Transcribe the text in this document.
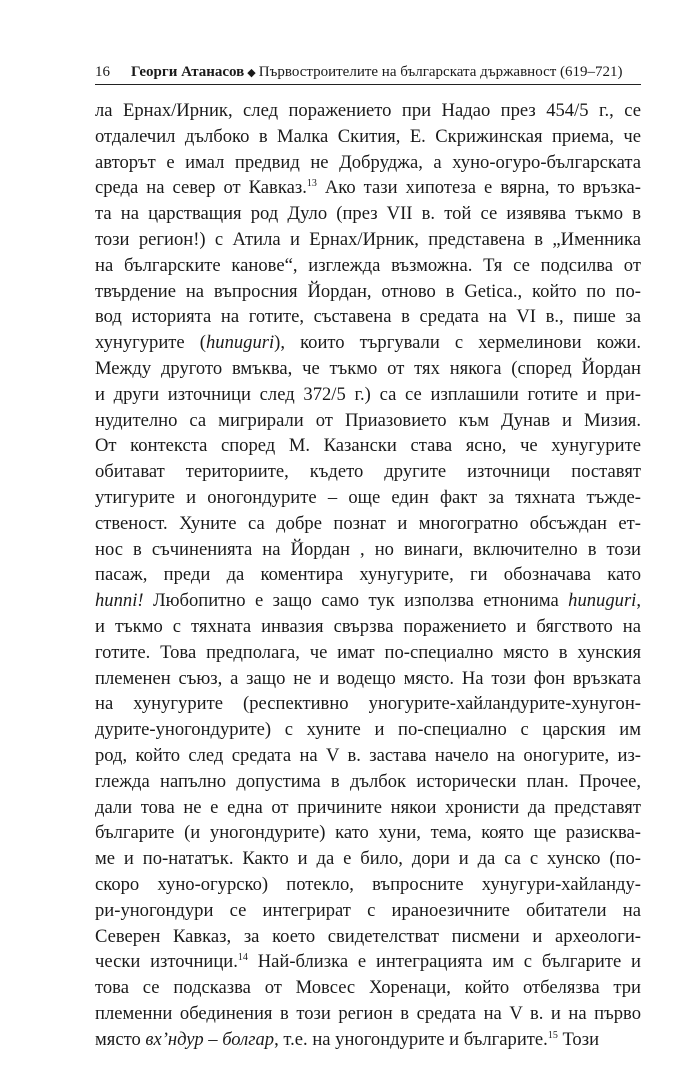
16 Георги Атанасов ◆ Първостроителите на българската държавност (619–721)
ла Ернах/Ирник, след поражението при Надао през 454/5 г., се
отдалечил дълбоко в Малка Скития, Е. Скрижинская приема, че
авторът е имал предвид не Добруджа, а хуно-огуро-българската
среда на север от Кавказ.$^{13}$ Ако тази хипотеза е вярна, то връзка-
та на царстващия род Дуло (през VII в. той се изявява тъкмо в
този регион!) с Атила и Ернах/Ирник, представена в „Именника
на българските канове“, изглежда възможна. Тя се подсилва от
твърдение на въпросния Йордан, отново в Getica., който по по-
вод историята на готите, съставена в средата на VI в., пише за
хунугурите (hunuguri), които търгували с хермелинови кожи.
Между другото вмъква, че тъкмо от тях някога (според Йордан
и други източници след 372/5 г.) са се изплашили готите и при-
нудително са мигрирали от Приазовието към Дунав и Мизия.
От контекста според М. Казански става ясно, че хунугурите
обитават териториите, където другите източници поставят
утигурите и оногондурите – още един факт за тяхната тъжде-
ственост. Хуните са добре познат и многогратно обсъждан ет-
нос в съчиненията на Йордан , но винаги, включително в този
пасаж, преди да коментира хунугурите, ги обозначава като
hunni! Любопитно е защо само тук използва етнонима hunuguri,
и тъкмо с тяхната инвазия свързва поражението и бягството на
готите. Това предполага, че имат по-специално място в хунския
племенен съюз, а защо не и водещо място. На този фон връзката
на хунугурите (респективно уногурите-хайландурите-хунугон-
дурите-уногондурите) с хуните и по-специално с царския им
род, който след средата на V в. застава начело на оногурите, из-
глежда напълно допустима в дълбок исторически план. Прочее,
дали това не е една от причините някои хронисти да представят
българите (и уногондурите) като хуни, тема, която ще разисква-
ме и по-нататък. Както и да е било, дори и да са с хунско (по-
скоро хуно-огурско) потекло, въпросните хунугури-хайланду-
ри-уногондури се интегрират с ираноезичните обитатели на
Северен Кавказ, за което свидетелстват писмени и археологи-
чески източници.$^{14}$ Най-близка е интеграцията им с българите и
това се подсказва от Мовсес Хоренаци, който отбелязва три
племенни обединения в този регион в средата на V в. и на първо
място вх’ндур – болгар, т.е. на уногондурите и българите.$^{15}$ Този
